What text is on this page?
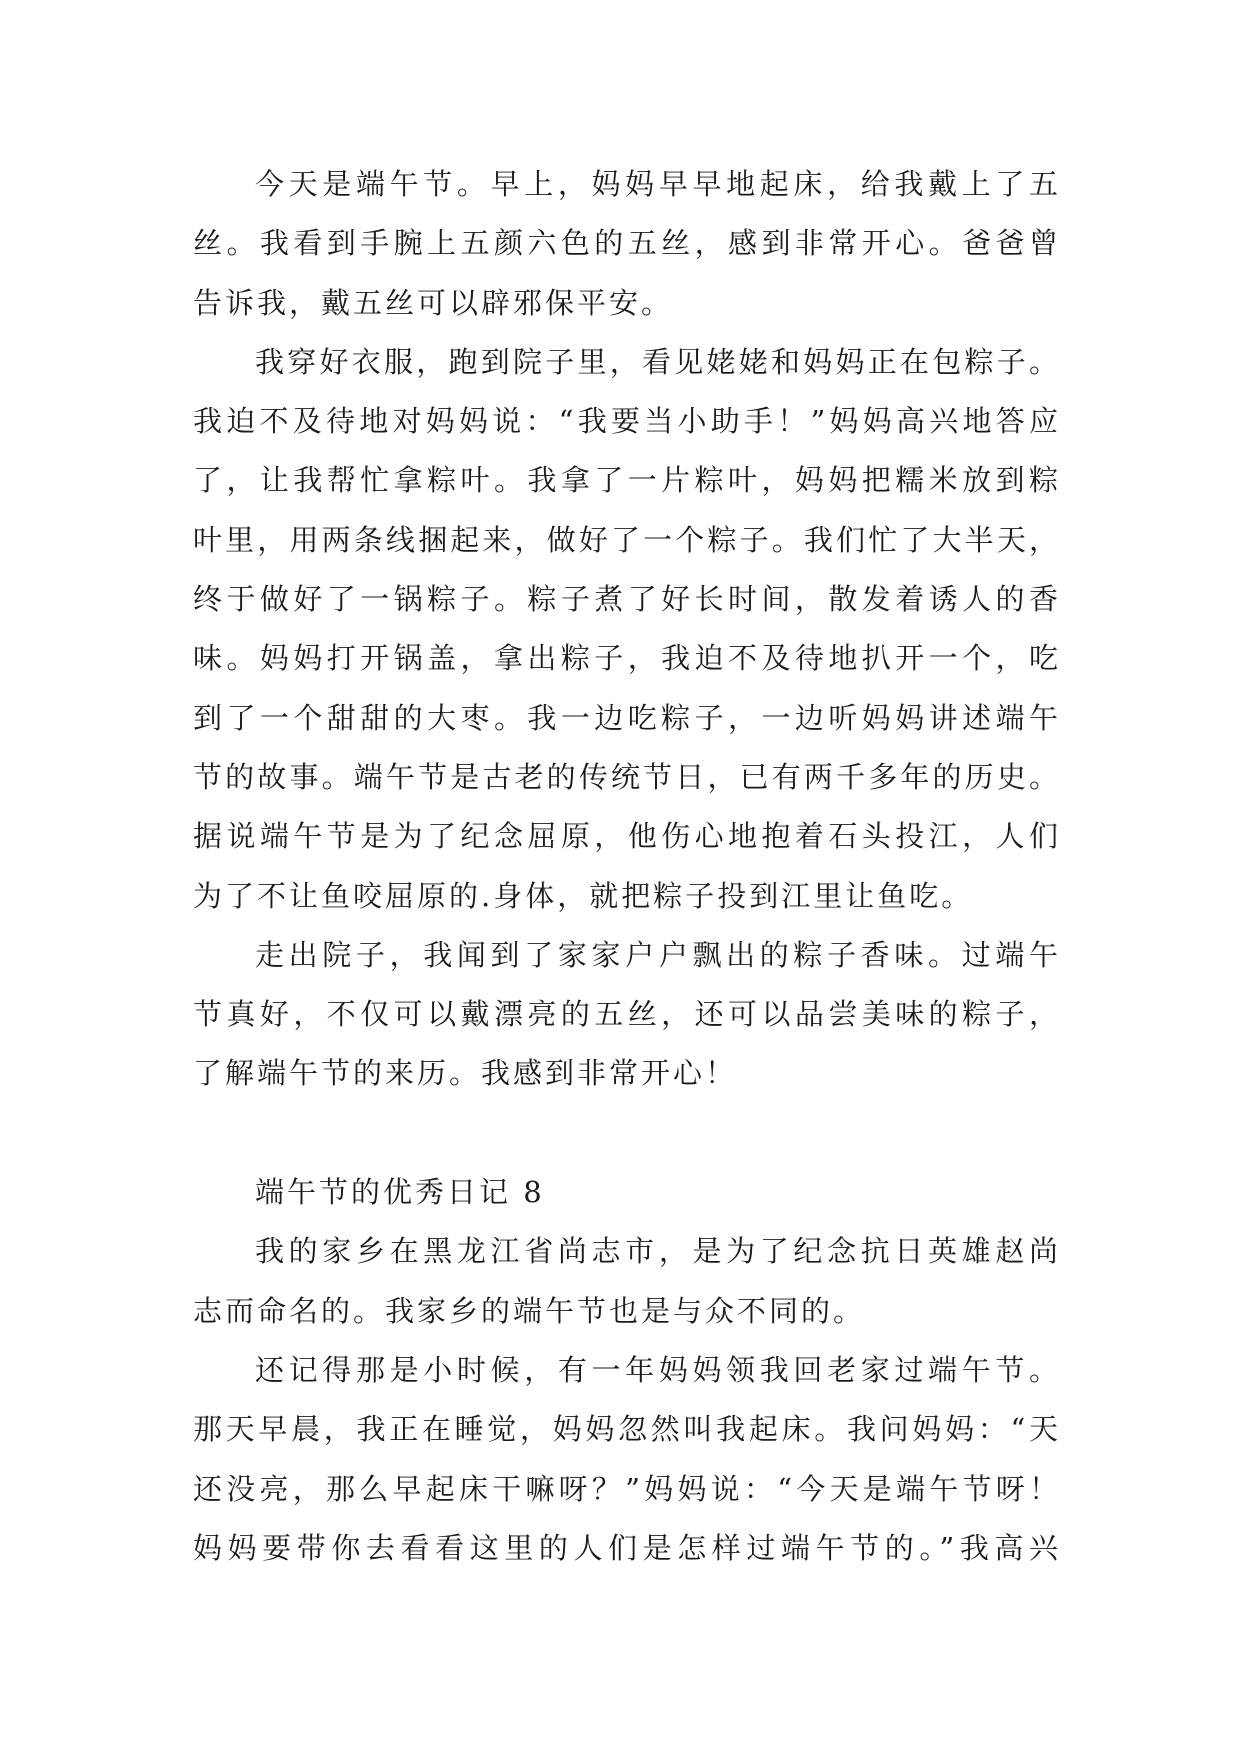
今天是端午节。早上，妈妈早早地起床，给我戴上了五
丝。我看到手腕上五颜六色的五丝，感到非常开心。爸爸曾
告诉我，戴五丝可以辟邪保平安。
我穿好衣服，跑到院子里，看见姥姥和妈妈正在包粽子。
我迫不及待地对妈妈说：“我要当小助手！”妈妈高兴地答应
了，让我帮忙拿粽叶。我拿了一片粽叶，妈妈把糯米放到粽
叶里，用两条线捆起来，做好了一个粽子。我们忙了大半天，
终于做好了一锅粽子。粽子煮了好长时间，散发着诱人的香
味。妈妈打开锅盖，拿出粽子，我迫不及待地扒开一个，吃
到了一个甜甜的大枣。我一边吃粽子，一边听妈妈讲述端午
节的故事。端午节是古老的传统节日，已有两千多年的历史。
据说端午节是为了纪念屈原，他伤心地抱着石头投江，人们
为了不让鱼咬屈原的.身体，就把粽子投到江里让鱼吃。
走出院子，我闻到了家家户户飘出的粽子香味。过端午
节真好，不仅可以戴漂亮的五丝，还可以品尝美味的粽子，
了解端午节的来历。我感到非常开心！
端午节的优秀日记 8
我的家乡在黑龙江省尚志市，是为了纪念抗日英雄赵尚
志而命名的。我家乡的端午节也是与众不同的。
还记得那是小时候，有一年妈妈领我回老家过端午节。
那天早晨，我正在睡觉，妈妈忽然叫我起床。我问妈妈：“天
还没亮，那么早起床干嘛呀？”妈妈说：“今天是端午节呀！
妈妈要带你去看看这里的人们是怎样过端午节的。”我高兴
